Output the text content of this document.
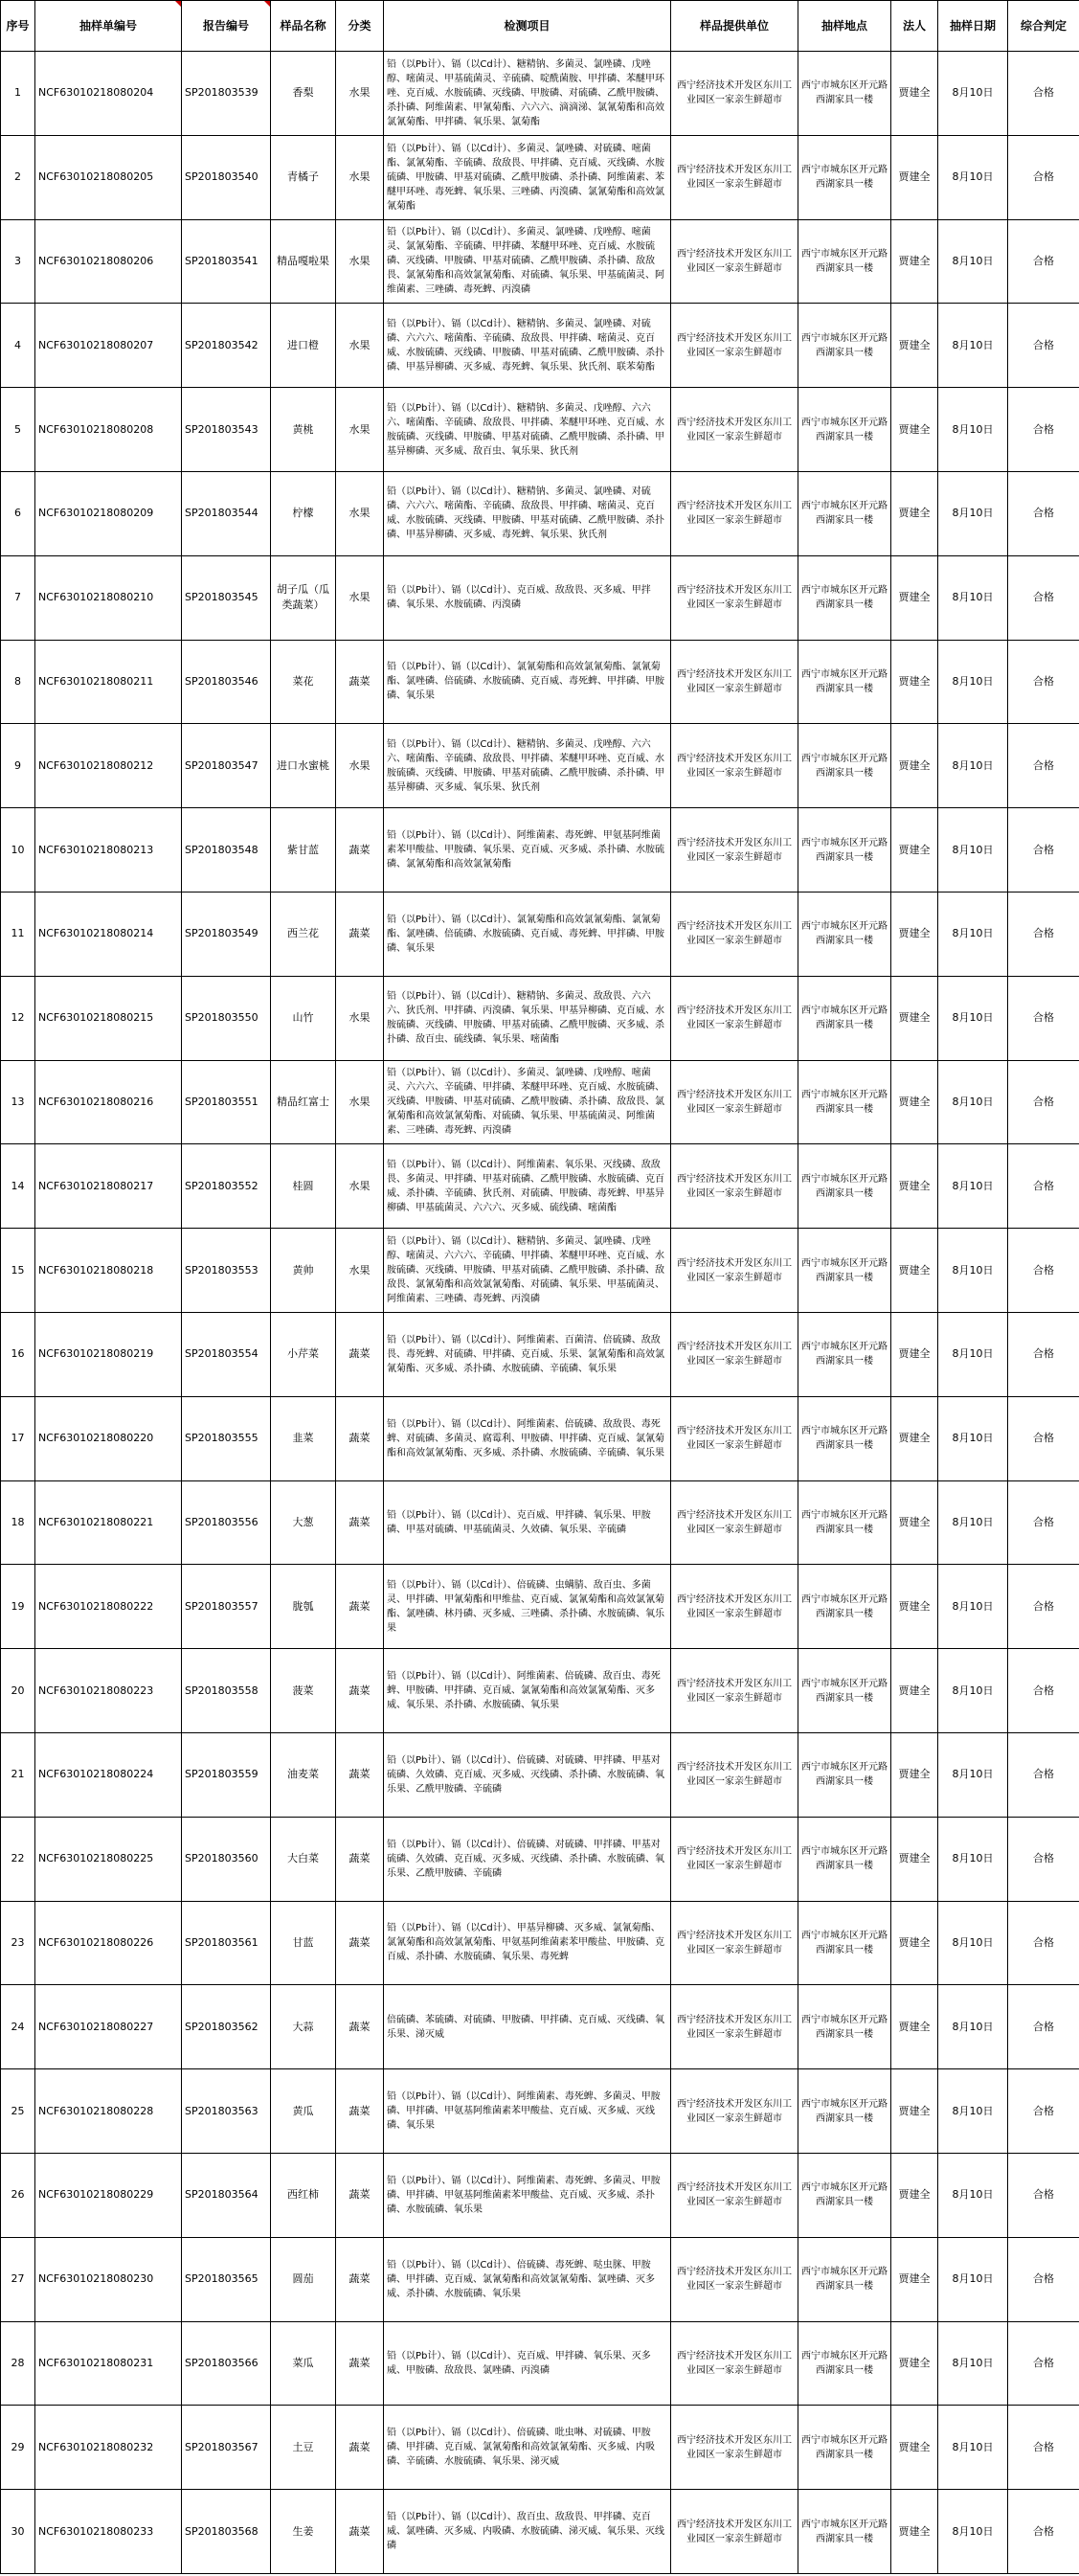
序号	抽样单编号	报告编号	样品名称	分类	检测项目	样品提供单位	抽样地点	法人	抽样日期	综合判定
1	NCF63010218080204	SP201803539	香梨	水果	铅（以Pb计）、镉（以Cd计）、糖精钠、多菌灵、氯唑磷、戊唑醇、嘧菌灵、甲基硫菌灵、辛硫磷、啶酰菌胺、甲拌磷、苯醚甲环唑、克百威、水胺硫磷、灭线磷、甲胺磷、对硫磷、乙酰甲胺磷、杀扑磷、阿维菌素、甲氰菊酯、六六六、滴滴涕、氯氰菊酯和高效氯氰菊酯、甲拌磷、氧乐果、氯菊酯	西宁经济技术开发区东川工业园区一家亲生鲜超市	西宁市城东区开元路西湖家具一楼	贾建全	8月10日	合格
2	NCF63010218080205	SP201803540	青橘子	水果	铅（以Pb计）、镉（以Cd计）、多菌灵、氯唑磷、对硫磷、嘧菌酯、氯氰菊酯、辛硫磷、敌敌畏、甲拌磷、克百威、灭线磷、水胺硫磷、甲胺磷、甲基对硫磷、乙酰甲胺磷、杀扑磷、阿维菌素、苯醚甲环唑、毒死蜱、氧乐果、三唑磷、丙溴磷、氯氰菊酯和高效氯氰菊酯	西宁经济技术开发区东川工业园区一家亲生鲜超市	西宁市城东区开元路西湖家具一楼	贾建全	8月10日	合格
3	NCF63010218080206	SP201803541	精品嘎啦果	水果	铅（以Pb计）、镉（以Cd计）、多菌灵、氯唑磷、戊唑醇、嘧菌灵、氯氰菊酯、辛硫磷、甲拌磷、苯醚甲环唑、克百威、水胺硫磷、灭线磷、甲胺磷、甲基对硫磷、乙酰甲胺磷、杀扑磷、敌敌畏、氯氰菊酯和高效氯氰菊酯、对硫磷、氧乐果、甲基硫菌灵、阿维菌素、三唑磷、毒死蜱、丙溴磷	西宁经济技术开发区东川工业园区一家亲生鲜超市	西宁市城东区开元路西湖家具一楼	贾建全	8月10日	合格
4	NCF63010218080207	SP201803542	进口橙	水果	铅（以Pb计）、镉（以Cd计）、糖精钠、多菌灵、氯唑磷、对硫磷、六六六、嘧菌酯、辛硫磷、敌敌畏、甲拌磷、嘧菌灵、克百威、水胺硫磷、灭线磷、甲胺磷、甲基对硫磷、乙酰甲胺磷、杀扑磷、甲基异柳磷、灭多威、毒死蜱、氧乐果、狄氏剂、联苯菊酯	西宁经济技术开发区东川工业园区一家亲生鲜超市	西宁市城东区开元路西湖家具一楼	贾建全	8月10日	合格
5	NCF63010218080208	SP201803543	黄桃	水果	铅（以Pb计）、镉（以Cd计）、糖精钠、多菌灵、戊唑醇、六六六、嘧菌酯、辛硫磷、敌敌畏、甲拌磷、苯醚甲环唑、克百威、水胺硫磷、灭线磷、甲胺磷、甲基对硫磷、乙酰甲胺磷、杀扑磷、甲基异柳磷、灭多威、敌百虫、氧乐果、狄氏剂	西宁经济技术开发区东川工业园区一家亲生鲜超市	西宁市城东区开元路西湖家具一楼	贾建全	8月10日	合格
6	NCF63010218080209	SP201803544	柠檬	水果	铅（以Pb计）、镉（以Cd计）、糖精钠、多菌灵、氯唑磷、对硫磷、六六六、嘧菌酯、辛硫磷、敌敌畏、甲拌磷、嘧菌灵、克百威、水胺硫磷、灭线磷、甲胺磷、甲基对硫磷、乙酰甲胺磷、杀扑磷、甲基异柳磷、灭多威、毒死蜱、氧乐果、狄氏剂	西宁经济技术开发区东川工业园区一家亲生鲜超市	西宁市城东区开元路西湖家具一楼	贾建全	8月10日	合格
7	NCF63010218080210	SP201803545	胡子瓜（瓜类蔬菜）	水果	铅（以Pb计）、镉（以Cd计）、克百威、敌敌畏、灭多威、甲拌磷、氧乐果、水胺硫磷、丙溴磷	西宁经济技术开发区东川工业园区一家亲生鲜超市	西宁市城东区开元路西湖家具一楼	贾建全	8月10日	合格
8	NCF63010218080211	SP201803546	菜花	蔬菜	铅（以Pb计）、镉（以Cd计）、氯氰菊酯和高效氯氰菊酯、氯氰菊酯、氯唑磷、倍硫磷、水胺硫磷、克百威、毒死蜱、甲拌磷、甲胺磷、氧乐果	西宁经济技术开发区东川工业园区一家亲生鲜超市	西宁市城东区开元路西湖家具一楼	贾建全	8月10日	合格
9	NCF63010218080212	SP201803547	进口水蜜桃	水果	铅（以Pb计）、镉（以Cd计）、糖精钠、多菌灵、戊唑醇、六六六、嘧菌酯、辛硫磷、敌敌畏、甲拌磷、苯醚甲环唑、克百威、水胺硫磷、灭线磷、甲胺磷、甲基对硫磷、乙酰甲胺磷、杀扑磷、甲基异柳磷、灭多威、氧乐果、狄氏剂	西宁经济技术开发区东川工业园区一家亲生鲜超市	西宁市城东区开元路西湖家具一楼	贾建全	8月10日	合格
10	NCF63010218080213	SP201803548	紫甘蓝	蔬菜	铅（以Pb计）、镉（以Cd计）、阿维菌素、毒死蜱、甲氨基阿维菌素苯甲酸盐、甲胺磷、氧乐果、克百威、灭多威、杀扑磷、水胺硫磷、氯氰菊酯和高效氯氰菊酯	西宁经济技术开发区东川工业园区一家亲生鲜超市	西宁市城东区开元路西湖家具一楼	贾建全	8月10日	合格
11	NCF63010218080214	SP201803549	西兰花	蔬菜	铅（以Pb计）、镉（以Cd计）、氯氰菊酯和高效氯氰菊酯、氯氰菊酯、氯唑磷、倍硫磷、水胺硫磷、克百威、毒死蜱、甲拌磷、甲胺磷、氧乐果	西宁经济技术开发区东川工业园区一家亲生鲜超市	西宁市城东区开元路西湖家具一楼	贾建全	8月10日	合格
12	NCF63010218080215	SP201803550	山竹	水果	铅（以Pb计）、镉（以Cd计）、糖精钠、多菌灵、敌敌畏、六六六、狄氏剂、甲拌磷、丙溴磷、氧乐果、甲基异柳磷、克百威、水胺硫磷、灭线磷、甲胺磷、甲基对硫磷、乙酰甲胺磷、灭多威、杀扑磷、敌百虫、硫线磷、氧乐果、嘧菌酯	西宁经济技术开发区东川工业园区一家亲生鲜超市	西宁市城东区开元路西湖家具一楼	贾建全	8月10日	合格
13	NCF63010218080216	SP201803551	精品红富士	水果	铅（以Pb计）、镉（以Cd计）、多菌灵、氯唑磷、戊唑醇、嘧菌灵、六六六、辛硫磷、甲拌磷、苯醚甲环唑、克百威、水胺硫磷、灭线磷、甲胺磷、甲基对硫磷、乙酰甲胺磷、杀扑磷、敌敌畏、氯氰菊酯和高效氯氰菊酯、对硫磷、氧乐果、甲基硫菌灵、阿维菌素、三唑磷、毒死蜱、丙溴磷	西宁经济技术开发区东川工业园区一家亲生鲜超市	西宁市城东区开元路西湖家具一楼	贾建全	8月10日	合格
14	NCF63010218080217	SP201803552	桂圆	水果	铅（以Pb计）、镉（以Cd计）、阿维菌素、氧乐果、灭线磷、敌敌畏、多菌灵、甲拌磷、甲基对硫磷、乙酰甲胺磷、水胺硫磷、克百威、杀扑磷、辛硫磷、狄氏剂、对硫磷、甲胺磷、毒死蜱、甲基异柳磷、甲基硫菌灵、六六六、灭多威、硫线磷、嘧菌酯	西宁经济技术开发区东川工业园区一家亲生鲜超市	西宁市城东区开元路西湖家具一楼	贾建全	8月10日	合格
15	NCF63010218080218	SP201803553	黄帅	水果	铅（以Pb计）、镉（以Cd计）、糖精钠、多菌灵、氯唑磷、戊唑醇、嘧菌灵、六六六、辛硫磷、甲拌磷、苯醚甲环唑、克百威、水胺硫磷、灭线磷、甲胺磷、甲基对硫磷、乙酰甲胺磷、杀扑磷、敌敌畏、氯氰菊酯和高效氯氰菊酯、对硫磷、氧乐果、甲基硫菌灵、阿维菌素、三唑磷、毒死蜱、丙溴磷	西宁经济技术开发区东川工业园区一家亲生鲜超市	西宁市城东区开元路西湖家具一楼	贾建全	8月10日	合格
16	NCF63010218080219	SP201803554	小芹菜	蔬菜	铅（以Pb计）、镉（以Cd计）、阿维菌素、百菌清、倍硫磷、敌敌畏、毒死蜱、对硫磷、甲拌磷、克百威、乐果、氯氰菊酯和高效氯氰菊酯、灭多威、杀扑磷、水胺硫磷、辛硫磷、氧乐果	西宁经济技术开发区东川工业园区一家亲生鲜超市	西宁市城东区开元路西湖家具一楼	贾建全	8月10日	合格
17	NCF63010218080220	SP201803555	韭菜	蔬菜	铅（以Pb计）、镉（以Cd计）、阿维菌素、倍硫磷、敌敌畏、毒死蜱、对硫磷、多菌灵、腐霉利、甲胺磷、甲拌磷、克百威、氯氰菊酯和高效氯氰菊酯、灭多威、杀扑磷、水胺硫磷、辛硫磷、氧乐果	西宁经济技术开发区东川工业园区一家亲生鲜超市	西宁市城东区开元路西湖家具一楼	贾建全	8月10日	合格
18	NCF63010218080221	SP201803556	大葱	蔬菜	铅（以Pb计）、镉（以Cd计）、克百威、甲拌磷、氧乐果、甲胺磷、甲基对硫磷、甲基硫菌灵、久效磷、氧乐果、辛硫磷	西宁经济技术开发区东川工业园区一家亲生鲜超市	西宁市城东区开元路西湖家具一楼	贾建全	8月10日	合格
19	NCF63010218080222	SP201803557	胧瓠	蔬菜	铅（以Pb计）、镉（以Cd计）、倍硫磷、虫螨腈、敌百虫、多菌灵、甲拌磷、甲氰菊酯和甲维盐、克百威、氯氰菊酯和高效氯氰菊酯、氯唑磷、林丹磷、灭多威、三唑磷、杀扑磷、水胺硫磷、氧乐果	西宁经济技术开发区东川工业园区一家亲生鲜超市	西宁市城东区开元路西湖家具一楼	贾建全	8月10日	合格
20	NCF63010218080223	SP201803558	菠菜	蔬菜	铅（以Pb计）、镉（以Cd计）、阿维菌素、倍硫磷、敌百虫、毒死蜱、甲胺磷、甲拌磷、克百威、氯氰菊酯和高效氯氰菊酯、灭多威、氧乐果、杀扑磷、水胺硫磷、氧乐果	西宁经济技术开发区东川工业园区一家亲生鲜超市	西宁市城东区开元路西湖家具一楼	贾建全	8月10日	合格
21	NCF63010218080224	SP201803559	油麦菜	蔬菜	铅（以Pb计）、镉（以Cd计）、倍硫磷、对硫磷、甲拌磷、甲基对硫磷、久效磷、克百威、灭多威、灭线磷、杀扑磷、水胺硫磷、氧乐果、乙酰甲胺磷、辛硫磷	西宁经济技术开发区东川工业园区一家亲生鲜超市	西宁市城东区开元路西湖家具一楼	贾建全	8月10日	合格
22	NCF63010218080225	SP201803560	大白菜	蔬菜	铅（以Pb计）、镉（以Cd计）、倍硫磷、对硫磷、甲拌磷、甲基对硫磷、久效磷、克百威、灭多威、灭线磷、杀扑磷、水胺硫磷、氧乐果、乙酰甲胺磷、辛硫磷	西宁经济技术开发区东川工业园区一家亲生鲜超市	西宁市城东区开元路西湖家具一楼	贾建全	8月10日	合格
23	NCF63010218080226	SP201803561	甘蓝	蔬菜	铅（以Pb计）、镉（以Cd计）、甲基异柳磷、灭多威、氯氰菊酯、氯氰菊酯和高效氯氰菊酯、甲氨基阿维菌素苯甲酸盐、甲胺磷、克百威、杀扑磷、水胺硫磷、氧乐果、毒死蜱	西宁经济技术开发区东川工业园区一家亲生鲜超市	西宁市城东区开元路西湖家具一楼	贾建全	8月10日	合格
24	NCF63010218080227	SP201803562	大蒜	蔬菜	倍硫磷、苯硫磷、对硫磷、甲胺磷、甲拌磷、克百威、灭线磷、氧乐果、涕灭威	西宁经济技术开发区东川工业园区一家亲生鲜超市	西宁市城东区开元路西湖家具一楼	贾建全	8月10日	合格
25	NCF63010218080228	SP201803563	黄瓜	蔬菜	铅（以Pb计）、镉（以Cd计）、阿维菌素、毒死蜱、多菌灵、甲胺磷、甲拌磷、甲氨基阿维菌素苯甲酸盐、克百威、灭多威、灭线磷、氧乐果	西宁经济技术开发区东川工业园区一家亲生鲜超市	西宁市城东区开元路西湖家具一楼	贾建全	8月10日	合格
26	NCF63010218080229	SP201803564	西红柿	蔬菜	铅（以Pb计）、镉（以Cd计）、阿维菌素、毒死蜱、多菌灵、甲胺磷、甲拌磷、甲氨基阿维菌素苯甲酸盐、克百威、灭多威、杀扑磷、水胺硫磷、氧乐果	西宁经济技术开发区东川工业园区一家亲生鲜超市	西宁市城东区开元路西湖家具一楼	贾建全	8月10日	合格
27	NCF63010218080230	SP201803565	圆茄	蔬菜	铅（以Pb计）、镉（以Cd计）、倍硫磷、毒死蜱、哒虫脒、甲胺磷、甲拌磷、克百威、氯氰菊酯和高效氯氰菊酯、氯唑磷、灭多威、杀扑磷、水胺硫磷、氧乐果	西宁经济技术开发区东川工业园区一家亲生鲜超市	西宁市城东区开元路西湖家具一楼	贾建全	8月10日	合格
28	NCF63010218080231	SP201803566	菜瓜	蔬菜	铅（以Pb计）、镉（以Cd计）、克百威、甲拌磷、氧乐果、灭多威、甲胺磷、敌敌畏、氯唑磷、丙溴磷	西宁经济技术开发区东川工业园区一家亲生鲜超市	西宁市城东区开元路西湖家具一楼	贾建全	8月10日	合格
29	NCF63010218080232	SP201803567	土豆	蔬菜	铅（以Pb计）、镉（以Cd计）、倍硫磷、吡虫啉、对硫磷、甲胺磷、甲拌磷、克百威、氯氰菊酯和高效氯氰菊酯、灭多威、内吸磷、辛硫磷、水胺硫磷、氧乐果、涕灭威	西宁经济技术开发区东川工业园区一家亲生鲜超市	西宁市城东区开元路西湖家具一楼	贾建全	8月10日	合格
30	NCF63010218080233	SP201803568	生姜	蔬菜	铅（以Pb计）、镉（以Cd计）、敌百虫、敌敌畏、甲拌磷、克百威、氯唑磷、灭多威、内吸磷、水胺硫磷、涕灭威、氧乐果、灭线磷	西宁经济技术开发区东川工业园区一家亲生鲜超市	西宁市城东区开元路西湖家具一楼	贾建全	8月10日	合格
